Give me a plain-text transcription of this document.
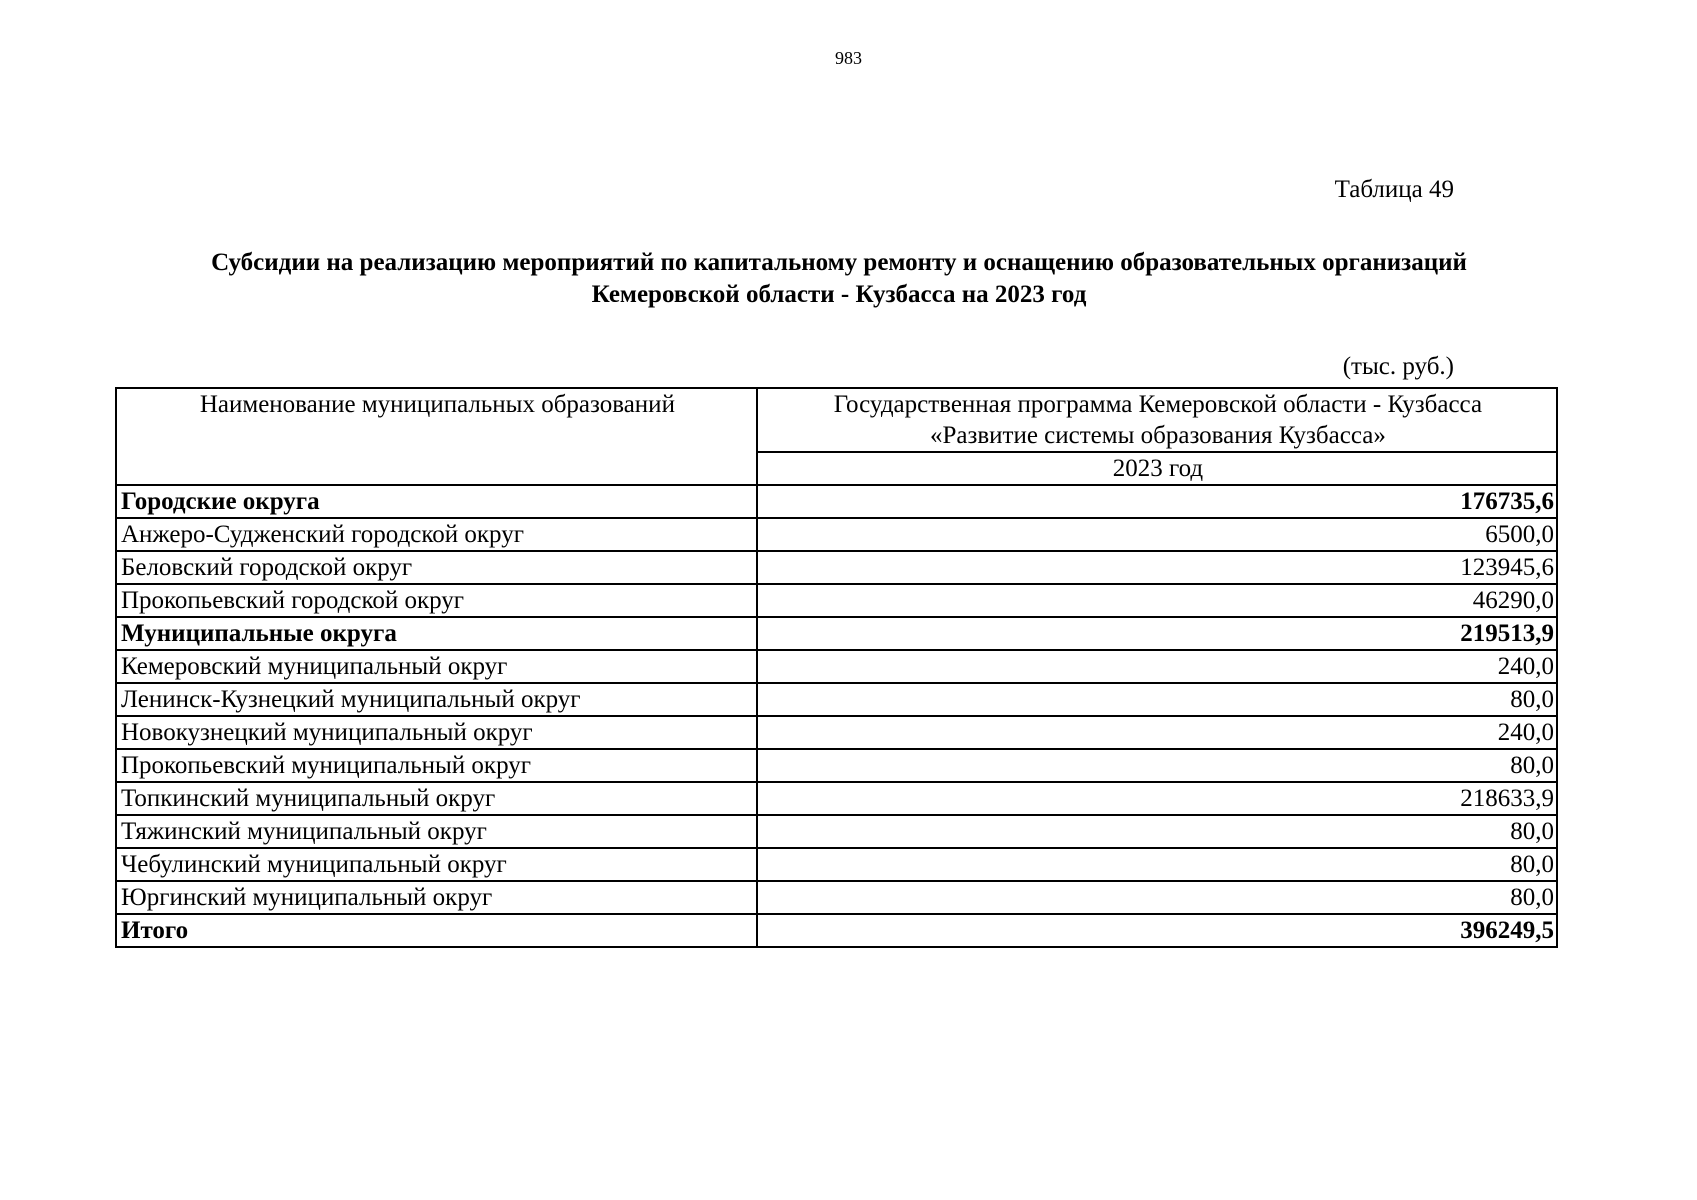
983
Таблица 49
Субсидии на реализацию мероприятий по капитальному ремонту и оснащению образовательных организаций
Кемеровской области - Кузбасса на 2023 год
(тыс. руб.)
Наименование муниципальных образований	Государственная программа Кемеровской области - Кузбасса
«Развитие системы образования Кузбасса»

	2023 год
Городские округа	176735,6
Анжеро-Судженский городской округ	6500,0
Беловский городской округ	123945,6
Прокопьевский городской округ	46290,0
Муниципальные округа	219513,9
Кемеровский муниципальный округ	240,0
Ленинск-Кузнецкий муниципальный округ	80,0
Новокузнецкий муниципальный округ	240,0
Прокопьевский муниципальный округ	80,0
Топкинский муниципальный округ	218633,9
Тяжинский муниципальный округ	80,0
Чебулинский муниципальный округ	80,0
Юргинский муниципальный округ	80,0
Итого	396249,5
